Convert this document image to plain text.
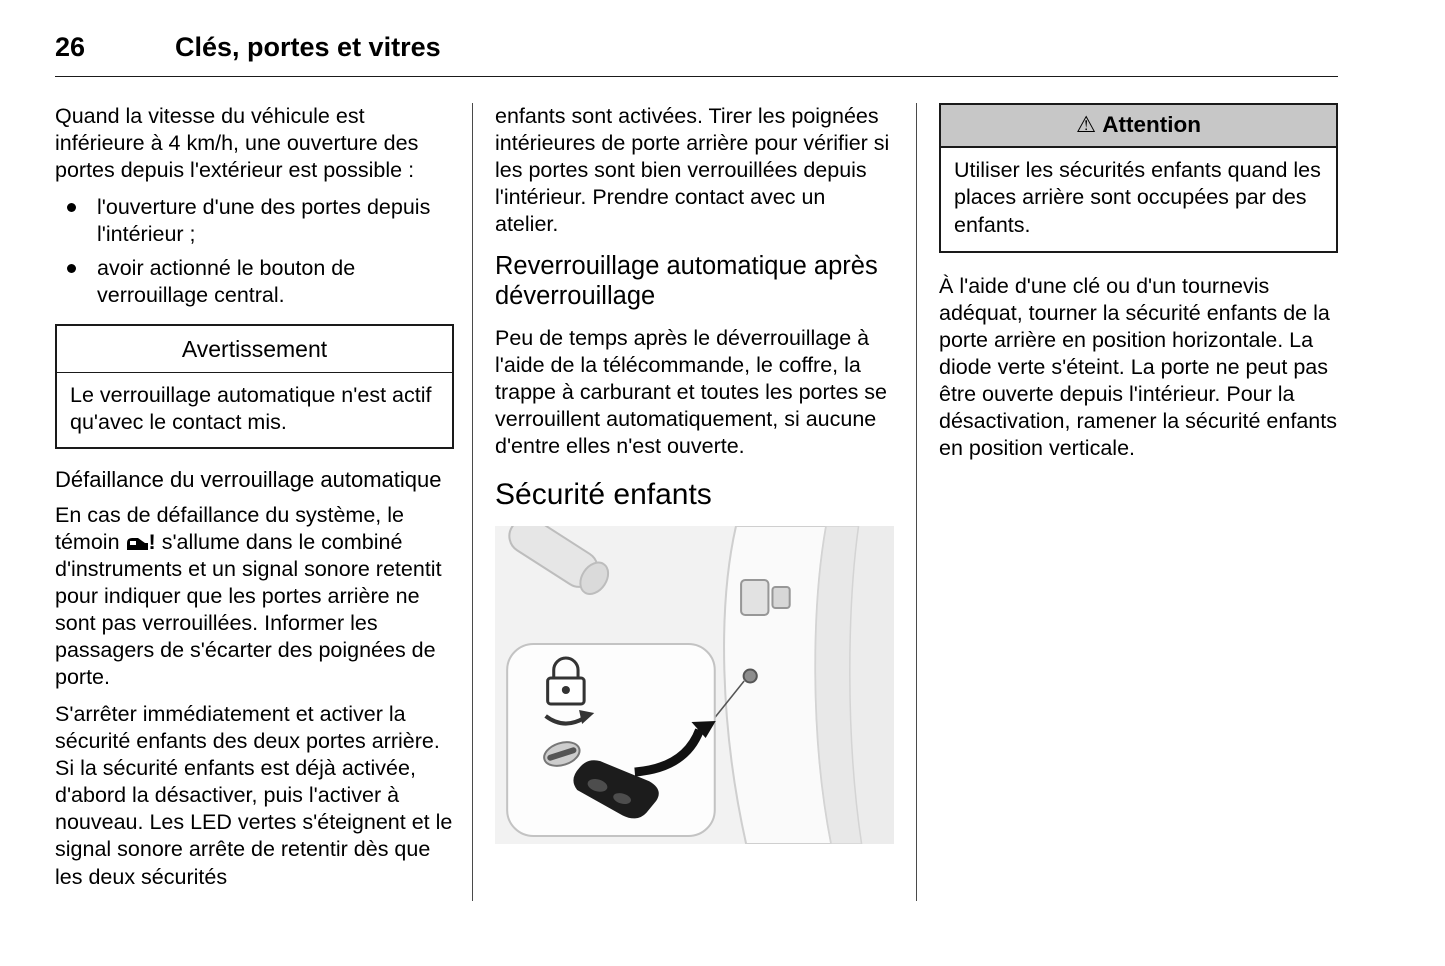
26	Clés, portes et vitres

Quand la vitesse du véhicule est inférieure à 4 km/h, une ouverture des portes depuis l'extérieur est possible :

l'ouverture d'une des portes depuis l'intérieur ;
avoir actionné le bouton de verrouillage central.
Avertissement
Le verrouillage automatique n'est actif qu'avec le contact mis.
Défaillance du verrouillage automatique

En cas de défaillance du système, le témoin ! s'allume dans le combiné d'instruments et un signal sonore retentit pour indiquer que les portes arrière ne sont pas verrouillées. Informer les passagers de s'écarter des poignées de porte.

S'arrêter immédiatement et activer la sécurité enfants des deux portes arrière. Si la sécurité enfants est déjà activée, d'abord la désactiver, puis l'activer à nouveau. Les LED vertes s'éteignent et le signal sonore arrête de retentir dès que les deux sécurités

enfants sont activées. Tirer les poignées intérieures de porte arrière pour vérifier si les portes sont bien verrouillées depuis l'intérieur. Prendre contact avec un atelier.

Reverrouillage automatique après déverrouillage

Peu de temps après le déverrouillage à l'aide de la télécommande, le coffre, la trappe à carburant et toutes les portes se verrouillent automatiquement, si aucune d'entre elles n'est ouverte.

Sécurité enfants
⚠ Attention
Utiliser les sécurités enfants quand les places arrière sont occupées par des enfants.

À l'aide d'une clé ou d'un tournevis adéquat, tourner la sécurité enfants de la porte arrière en position horizontale. La diode verte s'éteint. La porte ne peut pas être ouverte depuis l'intérieur. Pour la désactivation, ramener la sécurité enfants en position verticale.
